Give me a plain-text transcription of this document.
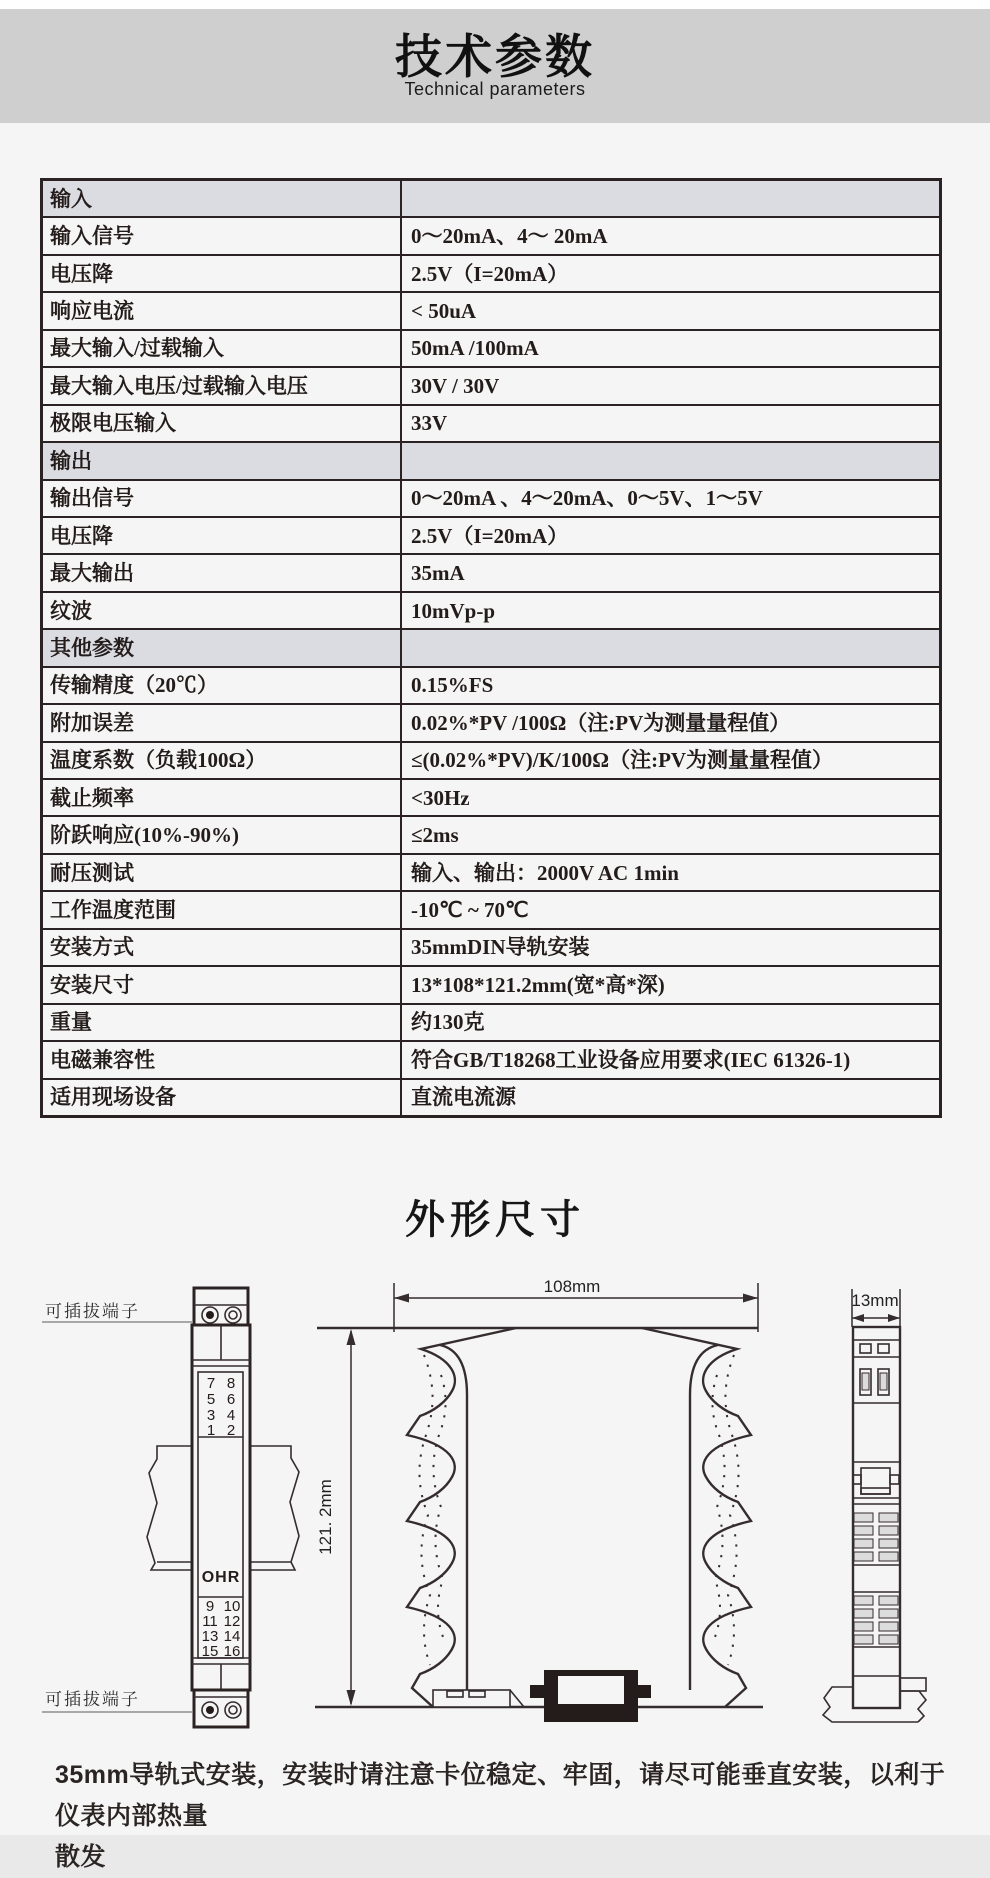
技术参数
Technical parameters
输入	
输入信号	0～20mA、4～ 20mA
电压降	2.5V（I=20mA）
响应电流	< 50uA
最大输入/过载输入	50mA /100mA
最大输入电压/过载输入电压	30V / 30V
极限电压输入	33V
输出	
输出信号	0～20mA 、4～20mA、0～5V、1～5V
电压降	2.5V（I=20mA）
最大输出	35mA
纹波	10mVp-p
其他参数	
传输精度（20℃）	0.15%FS
附加误差	0.02%*PV /100Ω（注:PV为测量量程值）
温度系数（负载100Ω）	≤(0.02%*PV)/K/100Ω（注:PV为测量量程值）
截止频率	<30Hz
阶跃响应(10%-90%)	≤2ms
耐压测试	输入、输出：2000V AC 1min
工作温度范围	-10℃ ~ 70℃
安装方式	35mmDIN导轨安装
安装尺寸	13*108*121.2mm(宽*高*深)
重量	约130克
电磁兼容性	符合GB/T18268工业设备应用要求(IEC 61326-1)
适用现场设备	直流电流源
外形尺寸
7 8
5 6
3 4
1 2
OHR
9 10
11 12
13 14
15 16
可插拔端子
可插拔端子
108mm
121. 2mm
13mm
35mm导轨式安装，安装时请注意卡位稳定、牢固，请尽可能垂直安装，以利于仪表内部热量
散发
